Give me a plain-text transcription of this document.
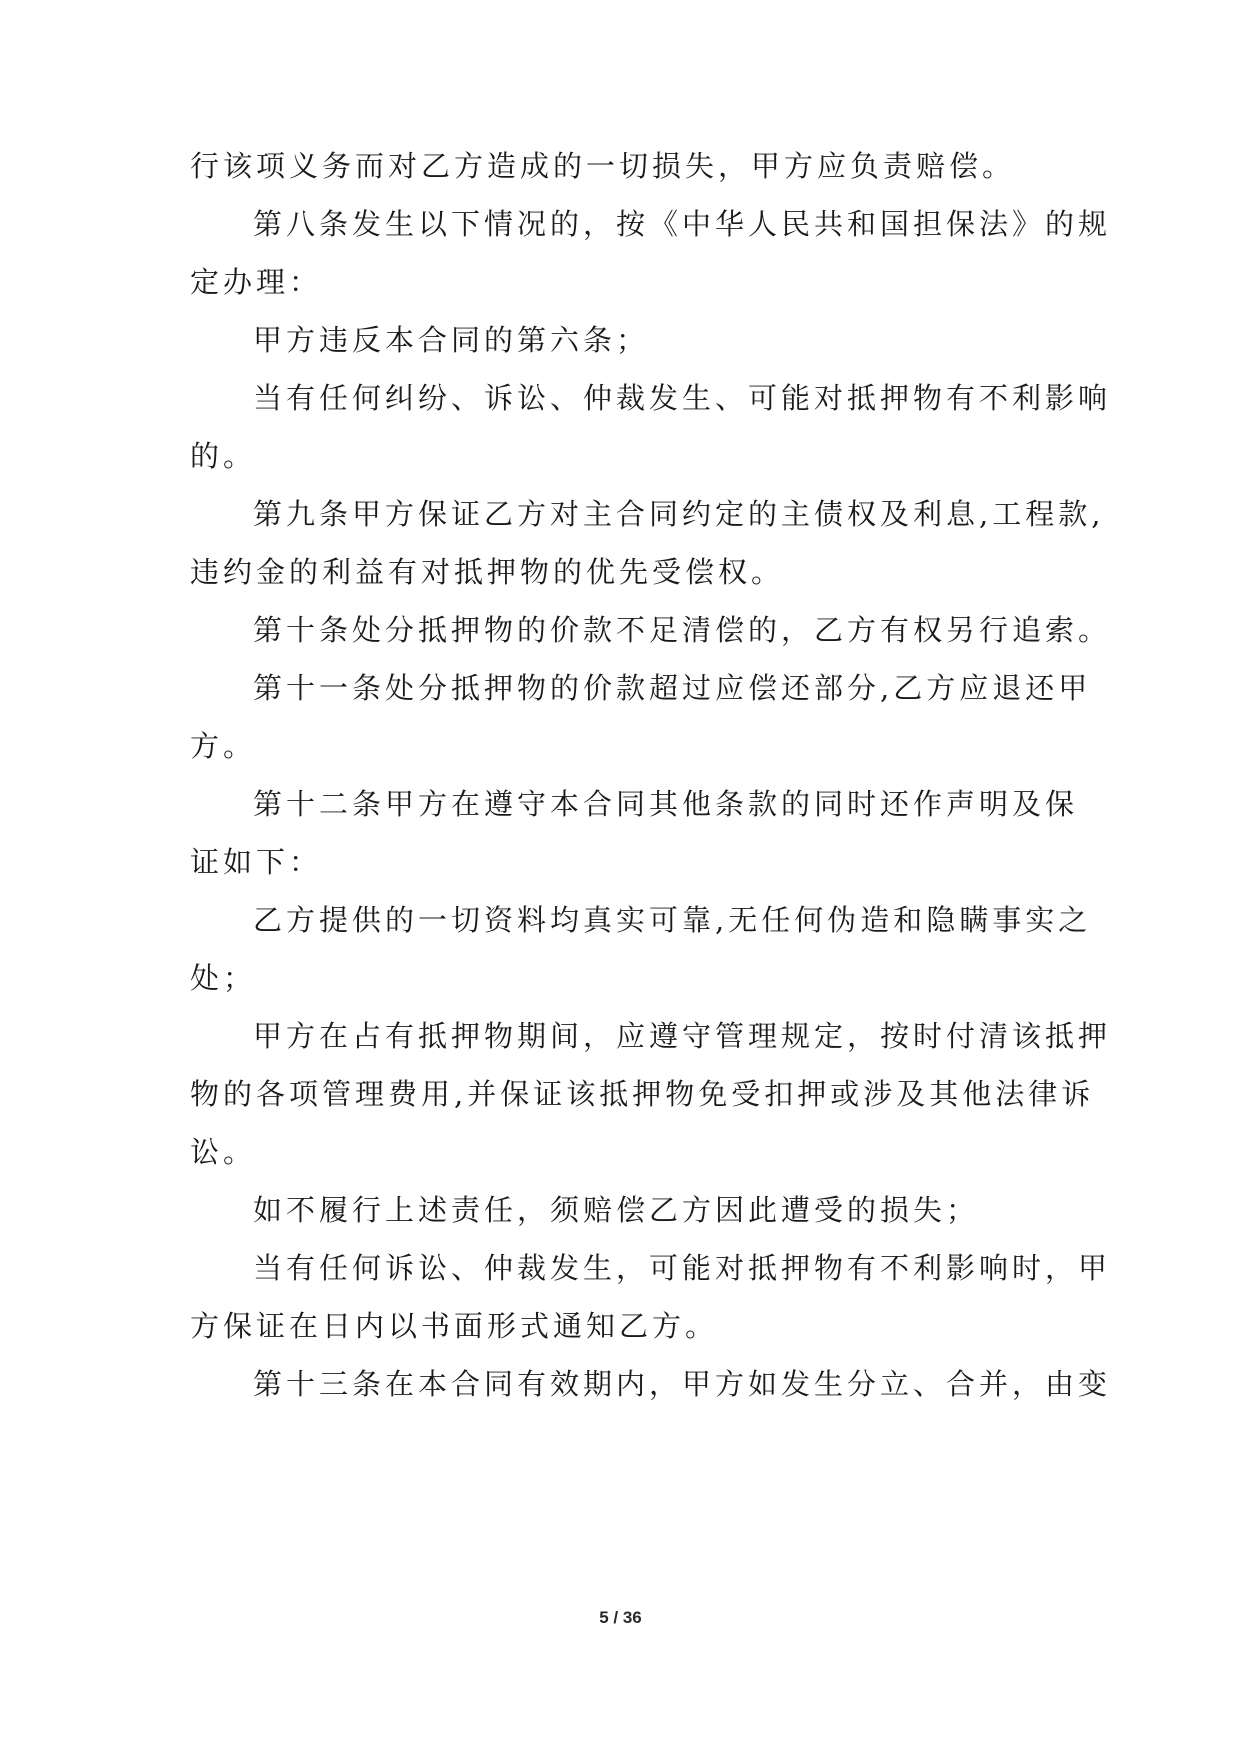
行该项义务而对乙方造成的一切损失，甲方应负责赔偿。
第八条发生以下情况的，按《中华人民共和国担保法》的规
定办理：
甲方违反本合同的第六条；
当有任何纠纷、诉讼、仲裁发生、可能对抵押物有不利影响
的。
第九条甲方保证乙方对主合同约定的主债权及利息,工程款,
违约金的利益有对抵押物的优先受偿权。
第十条处分抵押物的价款不足清偿的，乙方有权另行追索。
第十一条处分抵押物的价款超过应偿还部分,乙方应退还甲
方。
第十二条甲方在遵守本合同其他条款的同时还作声明及保
证如下：
乙方提供的一切资料均真实可靠,无任何伪造和隐瞒事实之
处；
甲方在占有抵押物期间，应遵守管理规定，按时付清该抵押
物的各项管理费用,并保证该抵押物免受扣押或涉及其他法律诉
讼。
如不履行上述责任，须赔偿乙方因此遭受的损失；
当有任何诉讼、仲裁发生，可能对抵押物有不利影响时，甲
方保证在日内以书面形式通知乙方。
第十三条在本合同有效期内，甲方如发生分立、合并，由变
5 / 36
